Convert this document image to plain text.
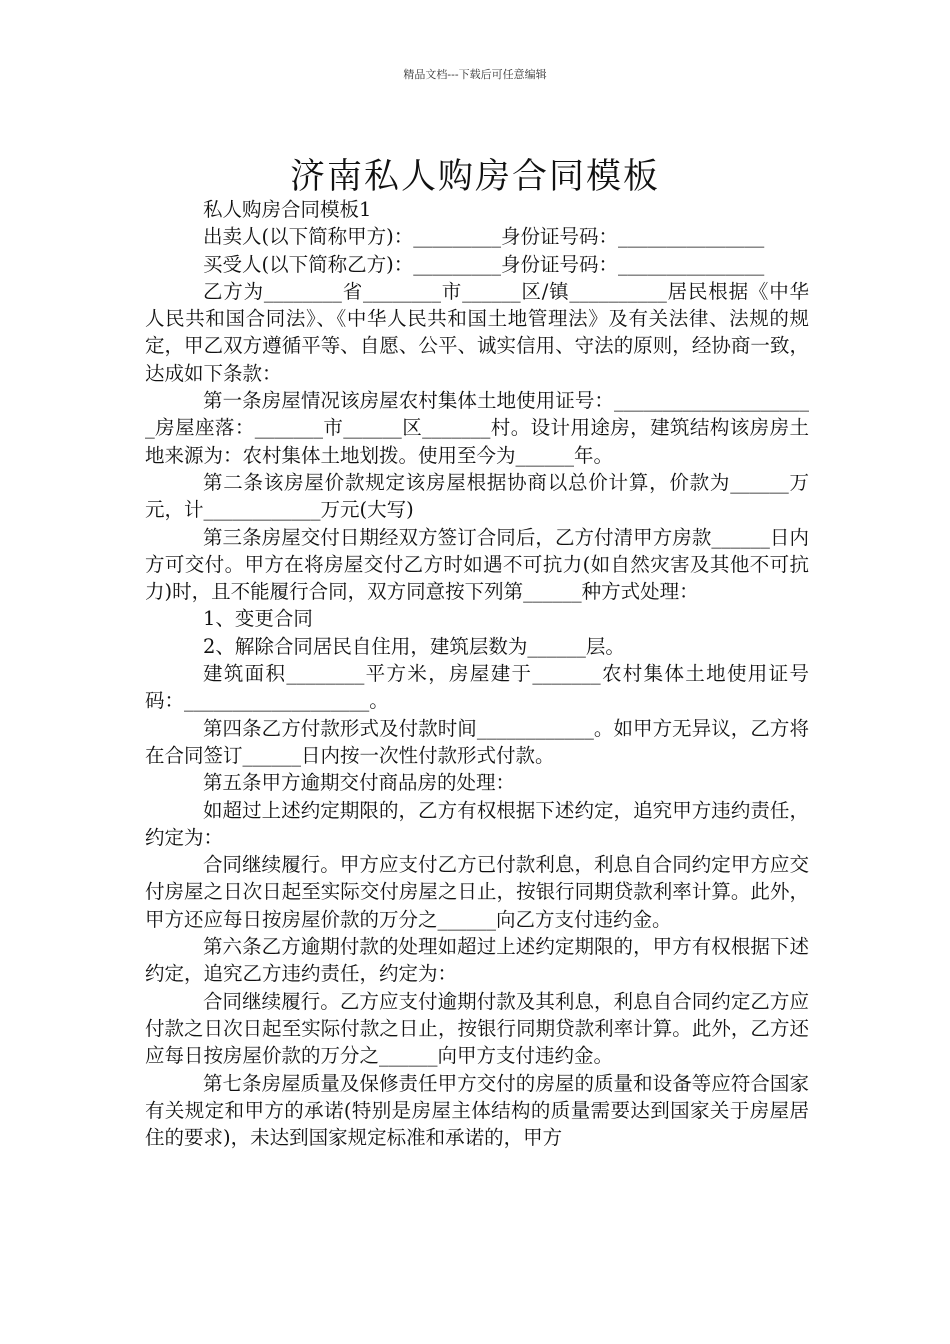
精品文档---下载后可任意编辑
济南私人购房合同模板

私人购房合同模板1

出卖人(以下简称甲方)：_________身份证号码：_______________

买受人(以下简称乙方)：_________身份证号码：_______________

乙方为________省________市______区/镇__________居民根据《中华人民共和国合同法》、《中华人民共和国土地管理法》及有关法律、法规的规定，甲乙双方遵循平等、自愿、公平、诚实信用、守法的原则，经协商一致，达成如下条款：

第一条房屋情况该房屋农村集体土地使用证号：_____________________房屋座落：_______市______区_______村。设计用途房，建筑结构该房房土地来源为：农村集体土地划拨。使用至今为______年。

第二条该房屋价款规定该房屋根据协商以总价计算，价款为______万元，计____________万元(大写)

第三条房屋交付日期经双方签订合同后，乙方付清甲方房款______日内方可交付。甲方在将房屋交付乙方时如遇不可抗力(如自然灾害及其他不可抗力)时，且不能履行合同，双方同意按下列第______种方式处理：

1、变更合同

2、解除合同居民自住用，建筑层数为______层。

建筑面积________平方米，房屋建于_______农村集体土地使用证号码：___________________。

第四条乙方付款形式及付款时间____________。如甲方无异议，乙方将在合同签订______日内按一次性付款形式付款。

第五条甲方逾期交付商品房的处理：

如超过上述约定期限的，乙方有权根据下述约定，追究甲方违约责任，约定为：

合同继续履行。甲方应支付乙方已付款利息，利息自合同约定甲方应交付房屋之日次日起至实际交付房屋之日止，按银行同期贷款利率计算。此外，甲方还应每日按房屋价款的万分之______向乙方支付违约金。

第六条乙方逾期付款的处理如超过上述约定期限的，甲方有权根据下述约定，追究乙方违约责任，约定为：

合同继续履行。乙方应支付逾期付款及其利息，利息自合同约定乙方应付款之日次日起至实际付款之日止，按银行同期贷款利率计算。此外，乙方还应每日按房屋价款的万分之______向甲方支付违约金。

第七条房屋质量及保修责任甲方交付的房屋的质量和设备等应符合国家有关规定和甲方的承诺(特别是房屋主体结构的质量需要达到国家关于房屋居住的要求)，未达到国家规定标准和承诺的，甲方
